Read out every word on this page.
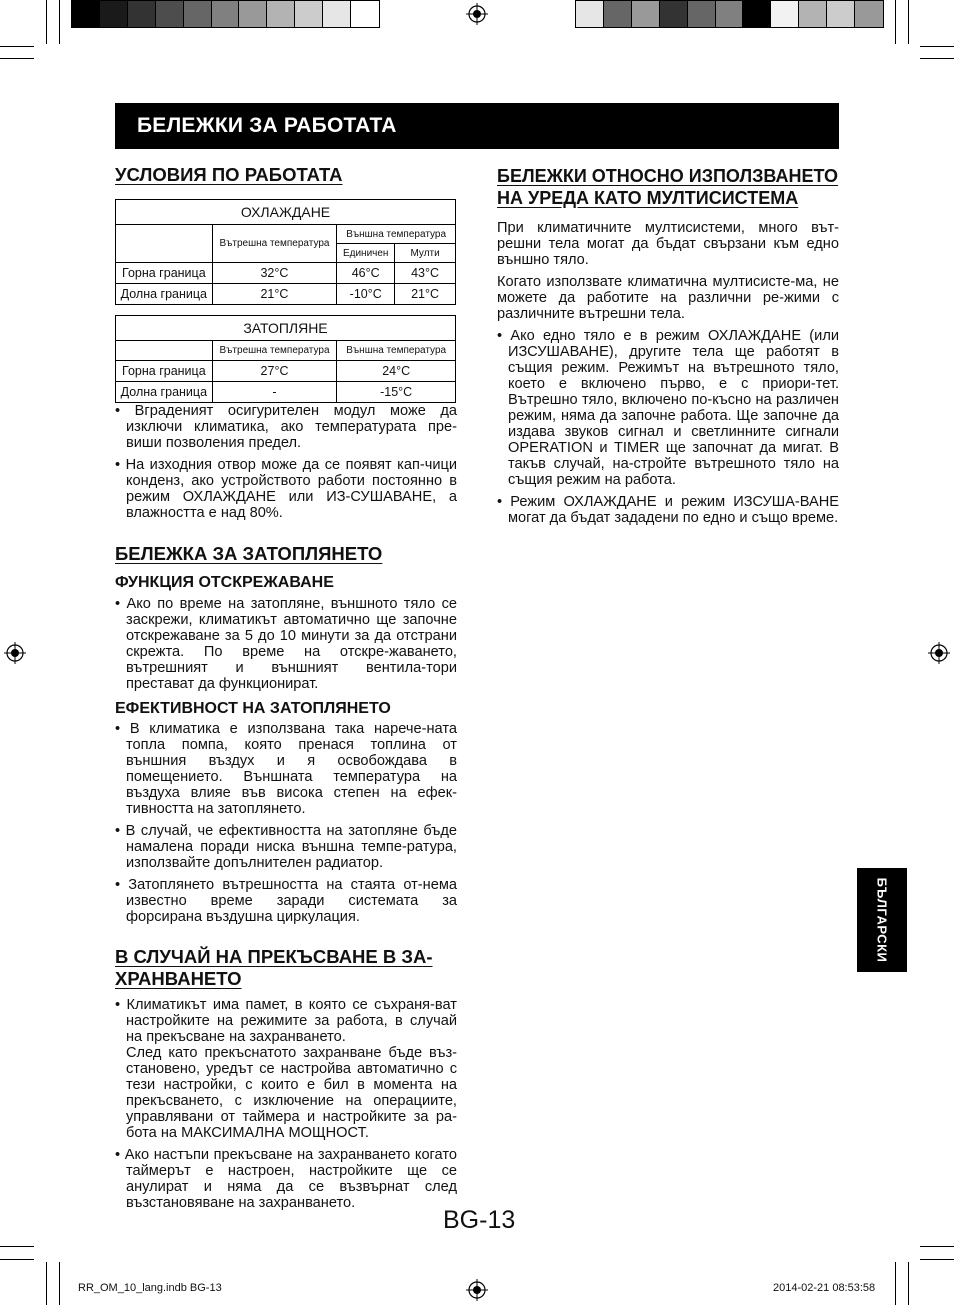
БЕЛЕЖКИ ЗА РАБОТАТА
УСЛОВИЯ ПО РАБОТАТА
ОХЛАЖДАНЕ			
	Вътрешна температура	Външна температура	
		Единичен	Мулти
Горна граница	32°C	46°C	43°C
Долна граница	21°C	-10°C	21°C
ЗАТОПЛЯНЕ		
	Вътрешна температура	Външна температура
Горна граница	27°C	24°C
Долна граница	-	-15°C

• Вграденият осигурителен модул може да изключи климатика, ако температурата пре-виши позволения предел.

• На изходния отвор може да се появят кап-чици конденз, ако устройството работи постоянно в режим ОХЛАЖДАНЕ или ИЗ-СУШАВАНЕ, а влажността е над 80%.

БЕЛЕЖКА ЗА ЗАТОПЛЯНЕТО
ФУНКЦИЯ ОТСКРЕЖАВАНЕ

• Ако по време на затопляне, външното тяло се заскрежи, климатикът автоматично ще започне отскрежаване за 5 до 10 минути за да отстрани скрежта. По време на отскре-жаването, вътрешният и външният вентила-тори престават да функционират.

ЕФЕКТИВНОСТ НА ЗАТОПЛЯНЕТО

• В климатика е използвана така нарече-ната топла помпа, която пренася топлина от външния въздух и я освобождава в помещението. Външната температура на въздуха влияе във висока степен на ефек-тивността на затоплянето.

• В случай, че ефективността на затопляне бъде намалена поради ниска външна темпе-ратура, използвайте допълнителен радиатор.

• Затоплянето вътрешността на стаята от-нема известно време заради системата за форсирана въздушна циркулация.

В СЛУЧАЙ НА ПРЕКЪСВАНЕ В ЗА-ХРАНВАНЕТО

• Климатикът има памет, в която се съхраня-ват настройките на режимите за работа, в случай на прекъсване на захранването.

След като прекъснатото захранване бъде въз-становено, уредът се настройва автоматично с тези настройки, с които е бил в момента на прекъсването, с изключение на операциите, управлявани от таймера и настройките за ра-бота на МАКСИМАЛНА МОЩНОСТ.

• Ако настъпи прекъсване на захранването когато таймерът е настроен, настройките ще се анулират и няма да се възвърнат след възстановяване на захранването.

БЕЛЕЖКИ ОТНОСНО ИЗПОЛЗВАНЕТО НА УРЕДА КАТО МУЛТИСИСТЕМА

При климатичните мултисистеми, много вът-решни тела могат да бъдат свързани към едно външно тяло.

Когато използвате климатична мултисисте-ма, не можете да работите на различни ре-жими с различните вътрешни тела.

• Ако едно тяло е в режим ОХЛАЖДАНЕ (или ИЗСУШАВАНЕ), другите тела ще работят в същия режим. Режимът на вътрешното тяло, което е включено първо, е с приори-тет. Вътрешно тяло, включено по-късно на различен режим, няма да започне работа. Ще започне да издава звуков сигнал и светлинните сигнали OPERATION и TIMER ще започнат да мигат. В такъв случай, на-стройте вътрешното тяло на същия режим на работа.

• Режим ОХЛАЖДАНЕ и режим ИЗСУША-ВАНЕ могат да бъдат зададени по едно и също време.

БЪЛГАРСКИ
BG-13
RR_OM_10_lang.indb BG-13	2014-02-21 08:53:58
